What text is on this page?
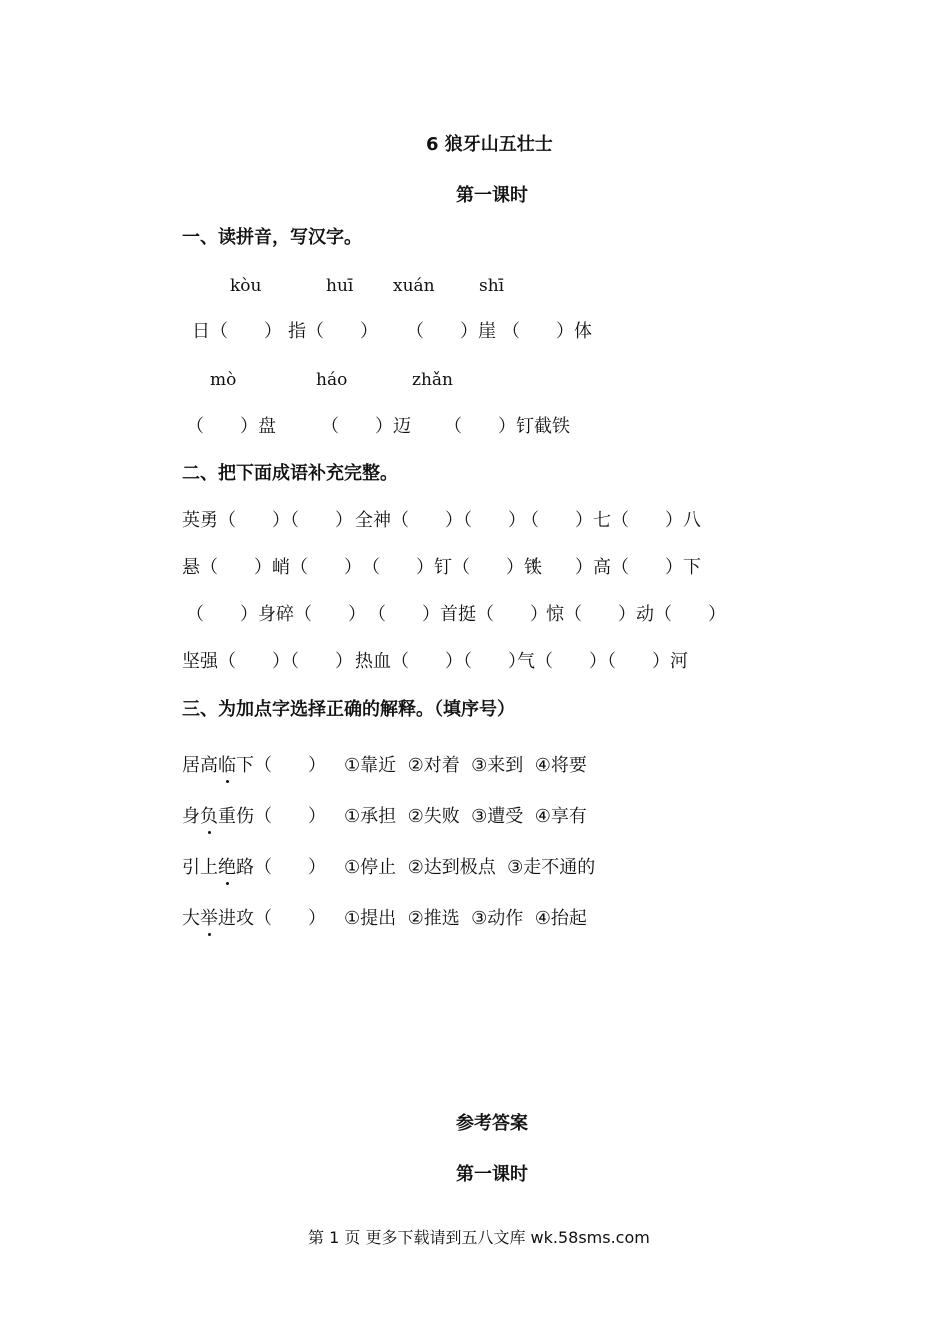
6 狼牙山五壮士
第一课时
一、读拼音，写汉字。
kòu	huī xuán	shī
日（　　） 指（　　） （　　）崖 （　　）体
mò	háo	zhǎn
（　　）盘	（　　）迈 （　　）钉截铁
二、把下面成语补充完整。
英勇（　　）（　　） 全神（　　）（　　）
（　　）七（　　）八
悬（　　）峭（　　） （　　）钉（　　）铁
（　　）高（　　）下
（　　）身碎（　　） （　　）首挺（　　）
惊（　　）动（　　）
坚强（　　）（　　） 热血（　　）（　　）
气（　　）（　　）河
三、为加点字选择正确的解释。（填序号）
居高临下（　　） ①靠近  ②对着  ③来到  ④将要
身负重伤（　　） ①承担  ②失败  ③遭受  ④享有
引上绝路（　　） ①停止  ②达到极点  ③走不通的
大举进攻（　　） ①提出  ②推选  ③动作  ④抬起
参考答案
第一课时
第 1 页 更多下载请到五八文库 wk.58sms.com
